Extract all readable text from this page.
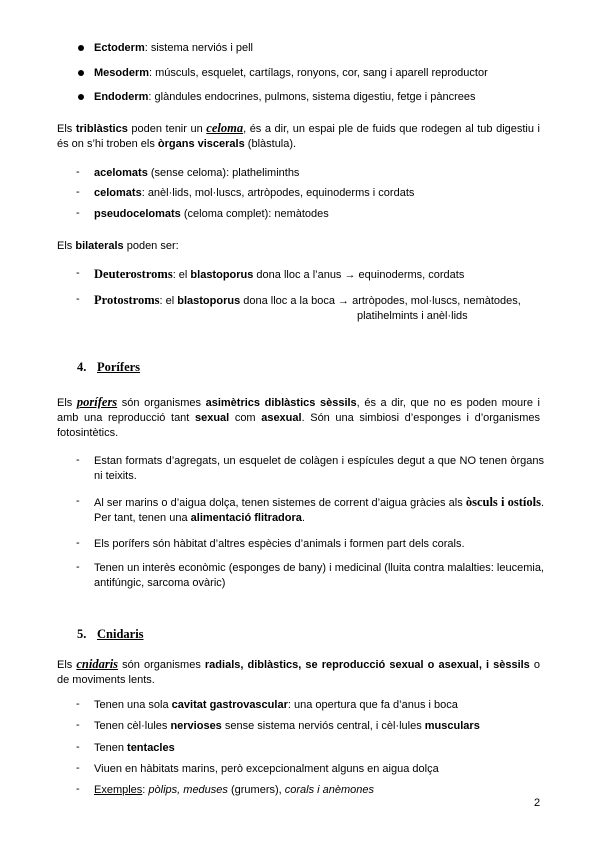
Ectoderm: sistema nerviós i pell
Mesoderm: músculs, esquelet, cartílags, ronyons, cor, sang i aparell reproductor
Endoderm: glàndules endocrines, pulmons, sistema digestiu, fetge i pàncrees
Els triblàstics poden tenir un celoma, és a dir, un espai ple de fuids que rodegen al tub digestiu i és on s’hi troben els òrgans viscerals (blàstula).
- acelomats (sense celoma): platheliminths
- celomats: anèl·lids, mol·luscs, artròpodes, equinoderms i cordats
- pseudocelomats (celoma complet): nemàtodes
Els bilaterals poden ser:
- Deuterostroms: el blastoporus dona lloc a l’anus → equinoderms, cordats
- Protostroms: el blastoporus dona lloc a la boca → artròpodes, mol·luscs, nemàtodes,
platihelmints i anèl·lids
4. Porífers
Els porífers són organismes asimètrics diblàstics sèssils, és a dir, que no es poden moure i amb una reproducció tant sexual com asexual. Són una simbiosi d’esponges i d’organismes fotosintètics.
- Estan formats d’agregats, un esquelet de colàgen i espícules degut a que NO tenen òrgans ni teixits.
- Al ser marins o d’aigua dolça, tenen sistemes de corrent d’aigua gràcies als òsculs i ostíols. Per tant, tenen una alimentació flitradora.
- Els porífers són hàbitat d’altres espècies d’animals i formen part dels corals.
- Tenen un interès econòmic (esponges de bany) i medicinal (lluita contra malalties: leucemia, antifúngic, sarcoma ovàric)
5. Cnidaris
Els cnidaris són organismes radials, diblàstics, se reproducció sexual o asexual, i sèssils o de moviments lents.
- Tenen una sola cavitat gastrovascular: una opertura que fa d’anus i boca
- Tenen cèl·lules nervioses sense sistema nerviós central, i cèl·lules musculars
- Tenen tentacles
- Viuen en hàbitats marins, però excepcionalment alguns en aigua dolça
- Exemples: pòlips, meduses (grumers), corals i anèmones
2
